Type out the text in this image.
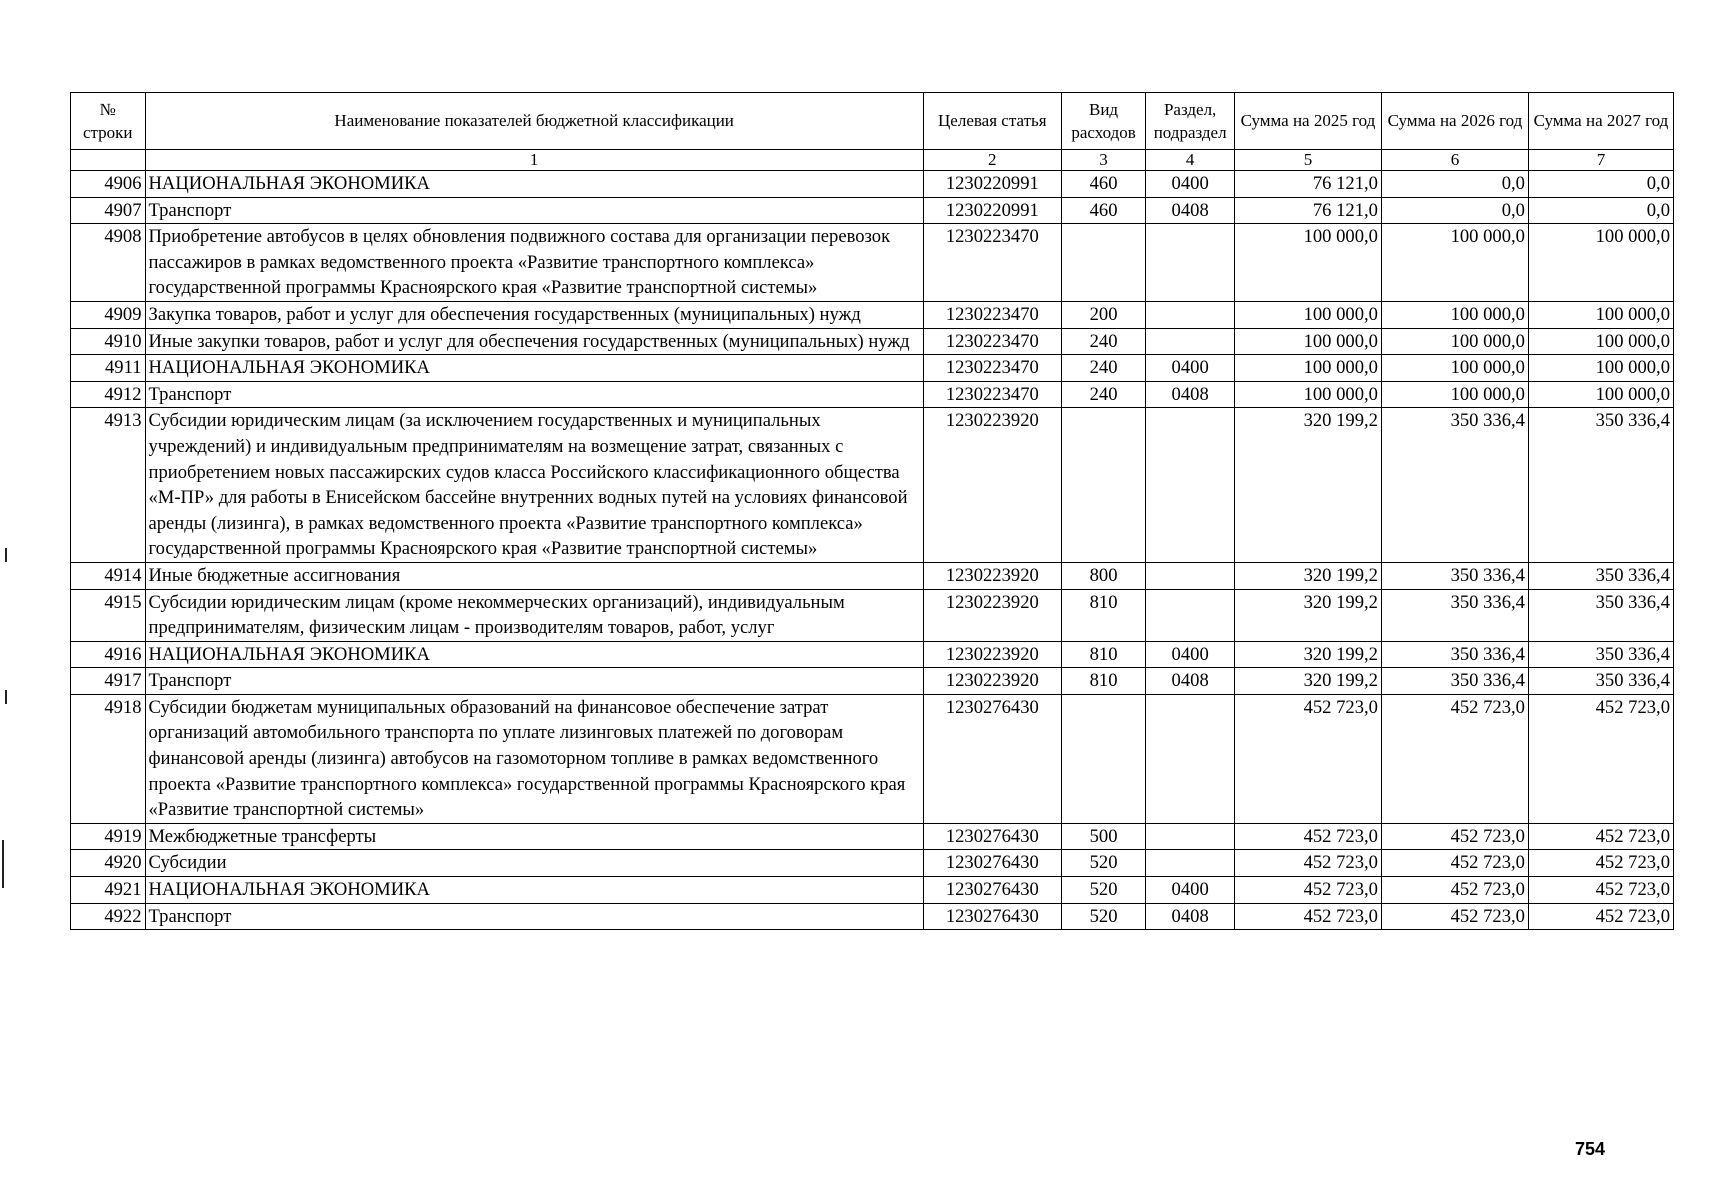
№ строки	Наименование показателей бюджетной классификации	Целевая статья	Вид расходов	Раздел, подраздел	Сумма на 2025 год	Сумма на 2026 год	Сумма на 2027 год
	1	2	3	4	5	6	7
4906	НАЦИОНАЛЬНАЯ ЭКОНОМИКА	1230220991	460	0400	76 121,0	0,0	0,0
4907	Транспорт	1230220991	460	0408	76 121,0	0,0	0,0
4908	Приобретение автобусов в целях обновления подвижного состава для организации перевозок пассажиров в рамках ведомственного проекта «Развитие транспортного комплекса» государственной программы Красноярского края «Развитие транспортной системы»	1230223470			100 000,0	100 000,0	100 000,0
4909	Закупка товаров, работ и услуг для обеспечения государственных (муниципальных) нужд	1230223470	200		100 000,0	100 000,0	100 000,0
4910	Иные закупки товаров, работ и услуг для обеспечения государственных (муниципальных) нужд	1230223470	240		100 000,0	100 000,0	100 000,0
4911	НАЦИОНАЛЬНАЯ ЭКОНОМИКА	1230223470	240	0400	100 000,0	100 000,0	100 000,0
4912	Транспорт	1230223470	240	0408	100 000,0	100 000,0	100 000,0
4913	Субсидии юридическим лицам (за исключением государственных и муниципальных учреждений) и индивидуальным предпринимателям на возмещение затрат, связанных с приобретением новых пассажирских судов класса Российского классификационного общества «М-ПР» для работы в Енисейском бассейне внутренних водных путей на условиях финансовой аренды (лизинга), в рамках ведомственного проекта «Развитие транспортного комплекса» государственной программы Красноярского края «Развитие транспортной системы»	1230223920			320 199,2	350 336,4	350 336,4
4914	Иные бюджетные ассигнования	1230223920	800		320 199,2	350 336,4	350 336,4
4915	Субсидии юридическим лицам (кроме некоммерческих организаций), индивидуальным предпринимателям, физическим лицам - производителям товаров, работ, услуг	1230223920	810		320 199,2	350 336,4	350 336,4
4916	НАЦИОНАЛЬНАЯ ЭКОНОМИКА	1230223920	810	0400	320 199,2	350 336,4	350 336,4
4917	Транспорт	1230223920	810	0408	320 199,2	350 336,4	350 336,4
4918	Субсидии бюджетам муниципальных образований на финансовое обеспечение затрат организаций автомобильного транспорта по уплате лизинговых платежей по договорам финансовой аренды (лизинга) автобусов на газомоторном топливе в рамках ведомственного проекта «Развитие транспортного комплекса» государственной программы Красноярского края «Развитие транспортной системы»	1230276430			452 723,0	452 723,0	452 723,0
4919	Межбюджетные трансферты	1230276430	500		452 723,0	452 723,0	452 723,0
4920	Субсидии	1230276430	520		452 723,0	452 723,0	452 723,0
4921	НАЦИОНАЛЬНАЯ ЭКОНОМИКА	1230276430	520	0400	452 723,0	452 723,0	452 723,0
4922	Транспорт	1230276430	520	0408	452 723,0	452 723,0	452 723,0
754
